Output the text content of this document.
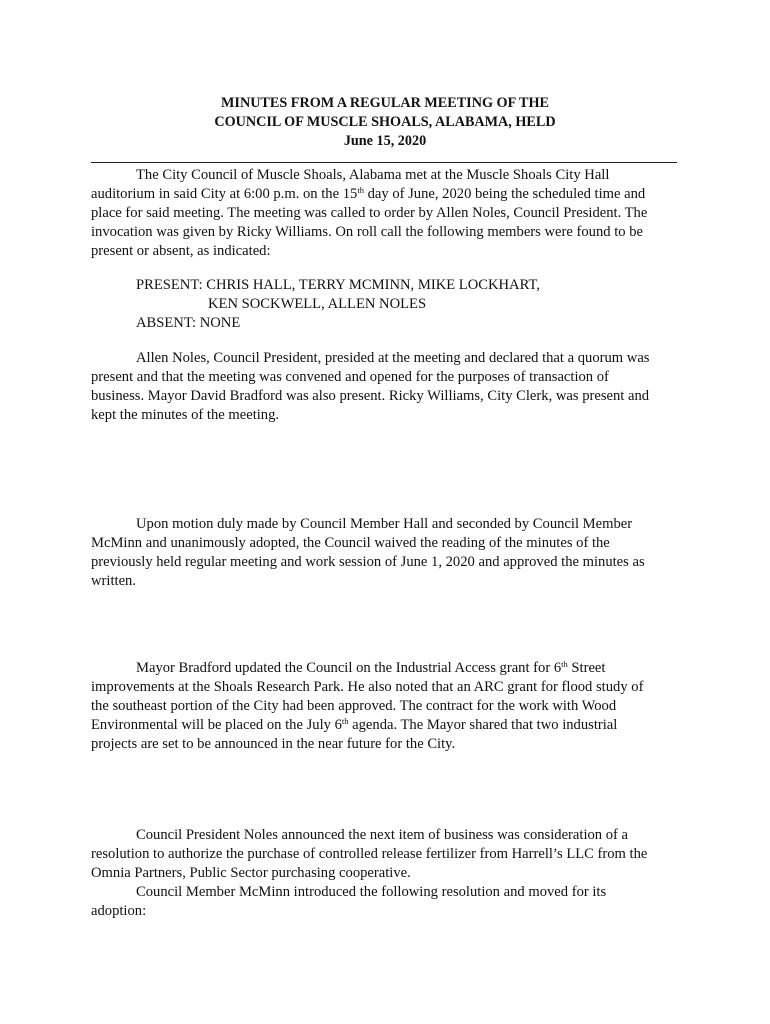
MINUTES FROM A REGULAR MEETING OF THE
COUNCIL OF MUSCLE SHOALS, ALABAMA, HELD
June 15, 2020
The City Council of Muscle Shoals, Alabama met at the Muscle Shoals City Hall
auditorium in said City at 6:00 p.m. on the 15th day of June, 2020 being the scheduled time and
place for said meeting. The meeting was called to order by Allen Noles, Council President. The
invocation was given by Ricky Williams. On roll call the following members were found to be
present or absent, as indicated:
PRESENT: CHRIS HALL, TERRY MCMINN, MIKE LOCKHART,
KEN SOCKWELL, ALLEN NOLES
ABSENT: NONE
Allen Noles, Council President, presided at the meeting and declared that a quorum was
present and that the meeting was convened and opened for the purposes of transaction of
business. Mayor David Bradford was also present. Ricky Williams, City Clerk, was present and
kept the minutes of the meeting.
Upon motion duly made by Council Member Hall and seconded by Council Member
McMinn and unanimously adopted, the Council waived the reading of the minutes of the
previously held regular meeting and work session of June 1, 2020 and approved the minutes as
written.
Mayor Bradford updated the Council on the Industrial Access grant for 6th Street
improvements at the Shoals Research Park. He also noted that an ARC grant for flood study of
the southeast portion of the City had been approved. The contract for the work with Wood
Environmental will be placed on the July 6th agenda. The Mayor shared that two industrial
projects are set to be announced in the near future for the City.
Council President Noles announced the next item of business was consideration of a
resolution to authorize the purchase of controlled release fertilizer from Harrell’s LLC from the
Omnia Partners, Public Sector purchasing cooperative.
Council Member McMinn introduced the following resolution and moved for its
adoption:
